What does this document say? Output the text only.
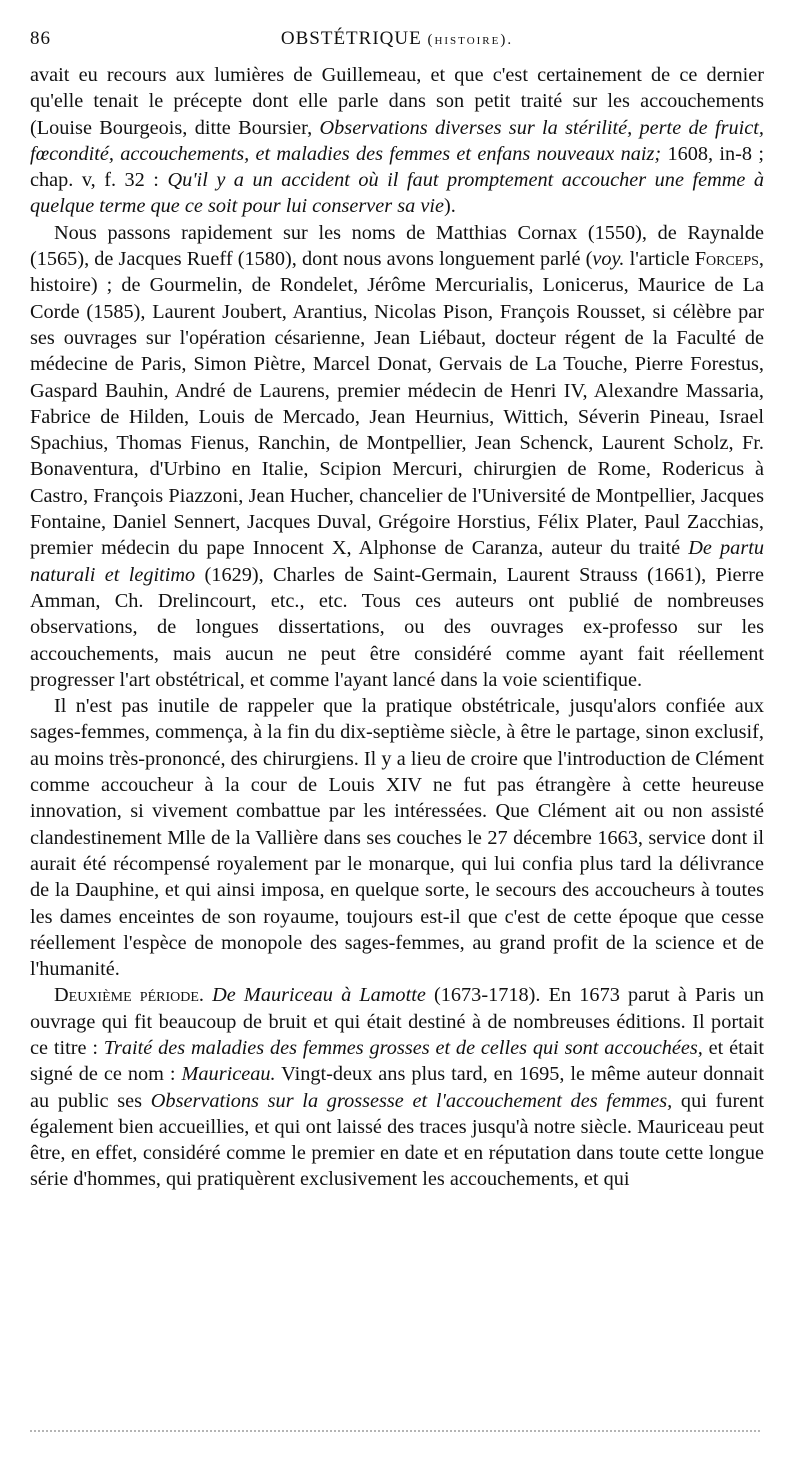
86	OBSTÉTRIQUE (histoire).

avait eu recours aux lumières de Guillemeau, et que c'est certainement de ce dernier qu'elle tenait le précepte dont elle parle dans son petit traité sur les accouchements (Louise Bourgeois, ditte Boursier, Observations diverses sur la stérilité, perte de fruict, fœcondité, accouchements, et maladies des femmes et enfans nouveaux naiz; 1608, in-8 ; chap. v, f. 32 : Qu'il y a un accident où il faut promptement accoucher une femme à quelque terme que ce soit pour lui conserver sa vie).

Nous passons rapidement sur les noms de Matthias Cornax (1550), de Raynalde (1565), de Jacques Rueff (1580), dont nous avons longuement parlé (voy. l'article Forceps, histoire) ; de Gourmelin, de Rondelet, Jérôme Mercurialis, Lonicerus, Maurice de La Corde (1585), Laurent Joubert, Arantius, Nicolas Pison, François Rousset, si célèbre par ses ouvrages sur l'opération césarienne, Jean Liébaut, docteur régent de la Faculté de médecine de Paris, Simon Piètre, Marcel Donat, Gervais de La Touche, Pierre Forestus, Gaspard Bauhin, André de Laurens, premier médecin de Henri IV, Alexandre Massaria, Fabrice de Hilden, Louis de Mercado, Jean Heurnius, Wittich, Séverin Pineau, Israel Spachius, Thomas Fienus, Ranchin, de Montpellier, Jean Schenck, Laurent Scholz, Fr. Bonaventura, d'Urbino en Italie, Scipion Mercuri, chirurgien de Rome, Rodericus à Castro, François Piazzoni, Jean Hucher, chancelier de l'Université de Montpellier, Jacques Fontaine, Daniel Sennert, Jacques Duval, Grégoire Horstius, Félix Plater, Paul Zacchias, premier médecin du pape Innocent X, Alphonse de Caranza, auteur du traité De partu naturali et legitimo (1629), Charles de Saint-Germain, Laurent Strauss (1661), Pierre Amman, Ch. Drelincourt, etc., etc. Tous ces auteurs ont publié de nombreuses observations, de longues dissertations, ou des ouvrages ex-professo sur les accouchements, mais aucun ne peut être considéré comme ayant fait réellement progresser l'art obstétrical, et comme l'ayant lancé dans la voie scientifique.

Il n'est pas inutile de rappeler que la pratique obstétricale, jusqu'alors confiée aux sages-femmes, commença, à la fin du dix-septième siècle, à être le partage, sinon exclusif, au moins très-prononcé, des chirurgiens. Il y a lieu de croire que l'introduction de Clément comme accoucheur à la cour de Louis XIV ne fut pas étrangère à cette heureuse innovation, si vivement combattue par les intéressées. Que Clément ait ou non assisté clandestinement Mlle de la Vallière dans ses couches le 27 décembre 1663, service dont il aurait été récompensé royalement par le monarque, qui lui confia plus tard la délivrance de la Dauphine, et qui ainsi imposa, en quelque sorte, le secours des accoucheurs à toutes les dames enceintes de son royaume, toujours est-il que c'est de cette époque que cesse réellement l'espèce de monopole des sages-femmes, au grand profit de la science et de l'humanité.

Deuxième période. De Mauriceau à Lamotte (1673-1718). En 1673 parut à Paris un ouvrage qui fit beaucoup de bruit et qui était destiné à de nombreuses éditions. Il portait ce titre : Traité des maladies des femmes grosses et de celles qui sont accouchées, et était signé de ce nom : Mauriceau. Vingt-deux ans plus tard, en 1695, le même auteur donnait au public ses Observations sur la grossesse et l'accouchement des femmes, qui furent également bien accueillies, et qui ont laissé des traces jusqu'à notre siècle. Mauriceau peut être, en effet, considéré comme le premier en date et en réputation dans toute cette longue série d'hommes, qui pratiquèrent exclusivement les accouchements, et qui
